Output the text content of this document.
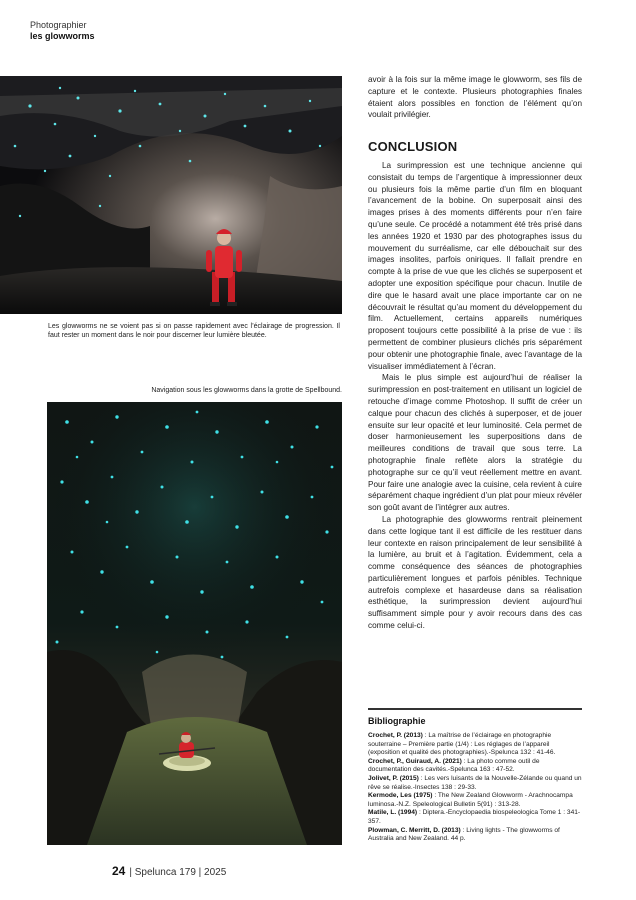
Photographier
les glowworms
Les glowworms ne se voient pas si on passe rapidement avec l’éclairage de progression. Il faut rester un moment dans le noir pour discerner leur lumière bleutée.
Navigation sous les glowworms dans la grotte de Spellbound.

avoir à la fois sur la même image le glowworm, ses fils de capture et le contexte. Plusieurs photographies finales étaient alors possibles en fonction de l’élément qu’on voulait privilégier.

CONCLUSION

La surimpression est une technique ancienne qui consistait du temps de l’argentique à impressionner deux ou plusieurs fois la même partie d’un film en bloquant l’avancement de la bobine. On superposait ainsi des images prises à des moments différents pour n’en faire qu’une seule. Ce procédé a notamment été très prisé dans les années 1920 et 1930 par des photographes issus du mouvement du surréalisme, car elle débouchait sur des images insolites, parfois oniriques. Il fallait prendre en compte à la prise de vue que les clichés se superposent et adopter une exposition spécifique pour chacun. Inutile de dire que le hasard avait une place importante car on ne découvrait le résultat qu’au moment du développement du film. Actuellement, certains appareils numériques proposent toujours cette possibilité à la prise de vue : ils permettent de combiner plusieurs clichés pris séparément pour obtenir une photographie finale, avec l’avantage de la visualiser immédiatement à l’écran.

Mais le plus simple est aujourd’hui de réaliser la surimpression en post-traitement en utilisant un logiciel de retouche d’image comme Photoshop. Il suffit de créer un calque pour chacun des clichés à superposer, et de jouer ensuite sur leur opacité et leur luminosité. Cela permet de doser harmonieusement les superpositions dans de meilleures conditions de travail que sous terre. La photographie finale reflète alors la stratégie du photographe sur ce qu’il veut réellement mettre en avant. Pour faire une analogie avec la cuisine, cela revient à cuire séparément chaque ingrédient d’un plat pour mieux révéler son goût avant de l’intégrer aux autres.

La photographie des glowworms rentrait pleinement dans cette logique tant il est difficile de les restituer dans leur contexte en raison principalement de leur sensibilité à la lumière, au bruit et à l’agitation. Évidemment, cela a comme conséquence des séances de photographies particulièrement longues et parfois pénibles. Technique autrefois complexe et hasardeuse dans sa réalisation esthétique, la surimpression devient aujourd’hui suffisamment simple pour y avoir recours dans des cas comme celui-ci.

Bibliographie

Crochet, P. (2013) : La maîtrise de l’éclairage en photographie souterraine – Première partie (1/4) : Les réglages de l’appareil (exposition et qualité des photographies).-Spelunca 132 : 41-46.

Crochet, P., Guiraud, A. (2021) : La photo comme outil de documentation des cavités.-Spelunca 163 : 47-52.

Jolivet, P. (2015) : Les vers luisants de la Nouvelle-Zélande ou quand un rêve se réalise.-Insectes 138 : 29-33.

Kermode, Les (1975) : The New Zealand Glowworm - Arachnocampa luminosa.-N.Z. Speleological Bulletin 5(91) : 313-28.

Matile, L. (1994) : Diptera.-Encyclopaedia biospeleologica Tome 1 : 341-357.

Plowman, C. Merritt, D. (2013) : Living lights - The glowworms of Australia and New Zealand. 44 p.

24 | Spelunca 179 | 2025
